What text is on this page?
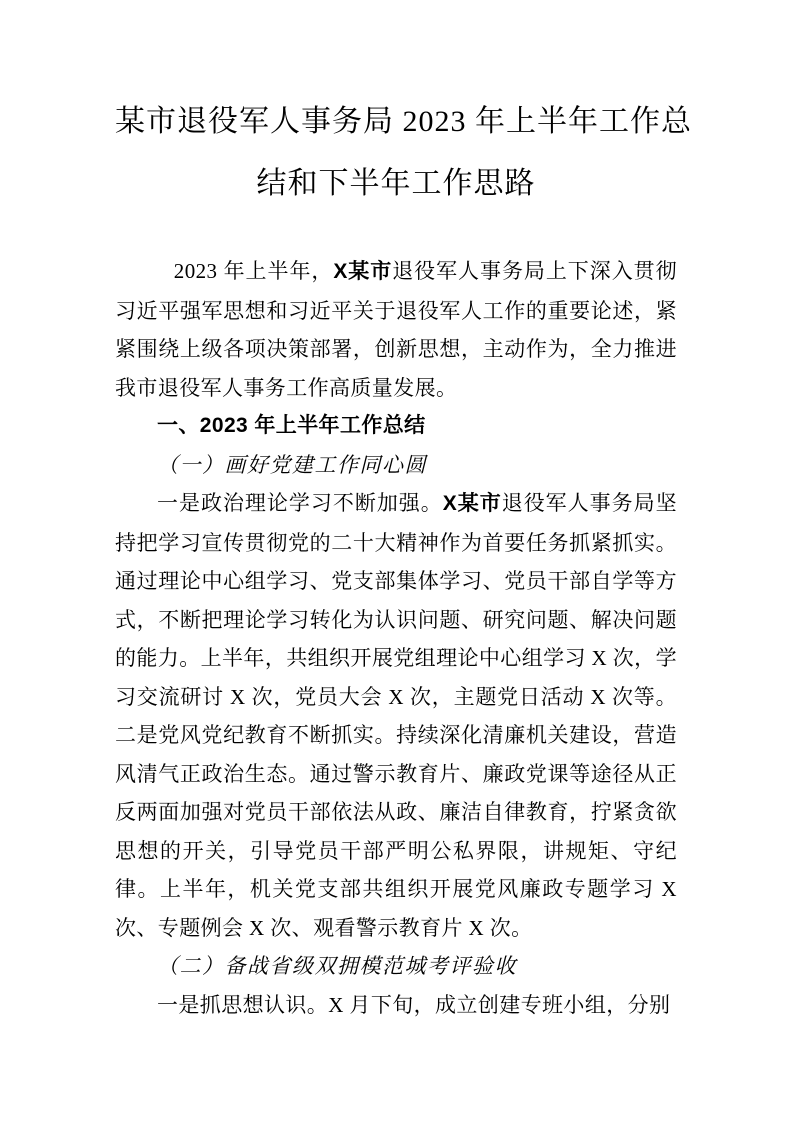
某市退役军人事务局 2023 年上半年工作总
结和下半年工作思路

2023 年上半年，X某市退役军人事务局上下深入贯彻习近平强军思想和习近平关于退役军人工作的重要论述，紧紧围绕上级各项决策部署，创新思想，主动作为，全力推进我市退役军人事务工作高质量发展。

一、2023 年上半年工作总结

（一）画好党建工作同心圆

一是政治理论学习不断加强。X某市退役军人事务局坚持把学习宣传贯彻党的二十大精神作为首要任务抓紧抓实。 通过理论中心组学习、党支部集体学习、党员干部自学等方式，不断把理论学习转化为认识问题、研究问题、解决问题的能力。上半年，共组织开展党组理论中心组学习 X 次，学习交流研讨 X 次，党员大会 X 次，主题党日活动 X 次等。二是党风党纪教育不断抓实。持续深化清廉机关建设，营造风清气正政治生态。通过警示教育片、廉政党课等途径从正反两面加强对党员干部依法从政、廉洁自律教育，拧紧贪欲思想的开关，引导党员干部严明公私界限，讲规矩、守纪律。上半年，机关党支部共组织开展党风廉政专题学习 X 次、专题例会 X 次、观看警示教育片 X 次。

（二）备战省级双拥模范城考评验收

一是抓思想认识。X 月下旬，成立创建专班小组，分别
